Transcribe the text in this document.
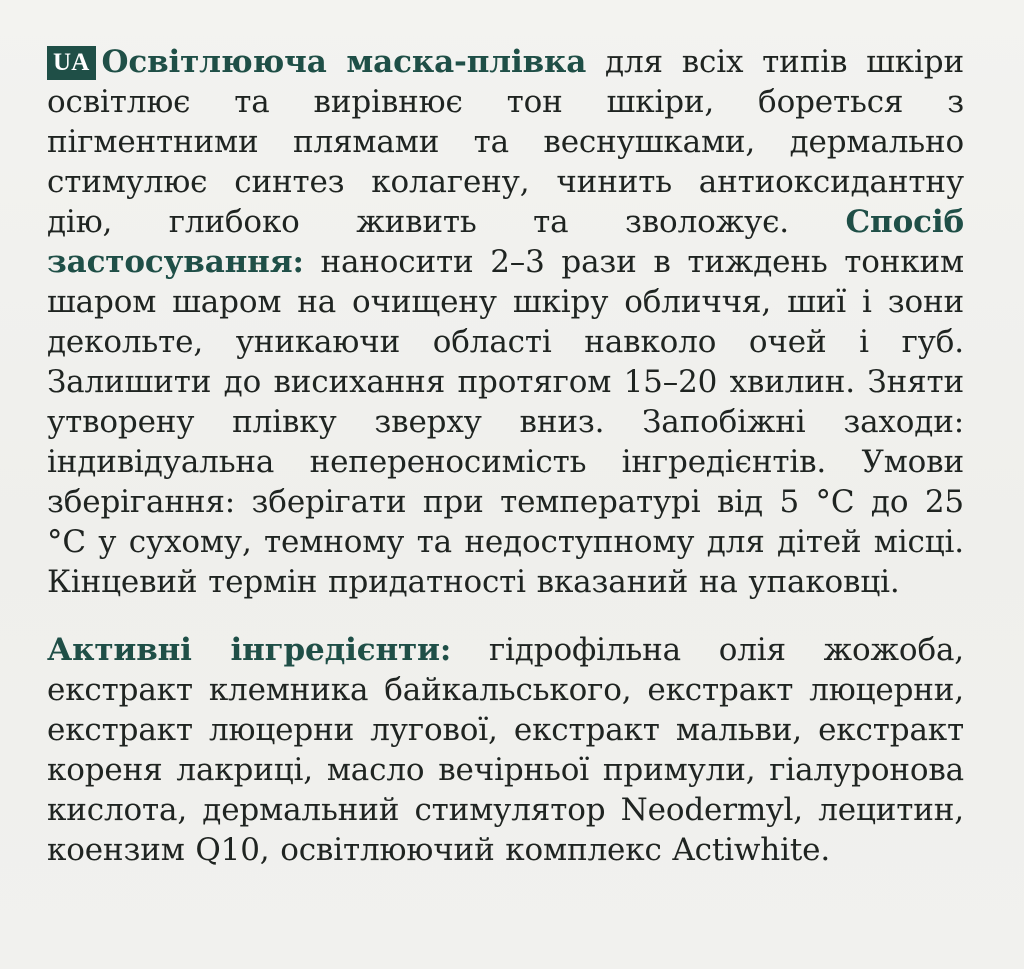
UA Освітлююча маска-плівка для всіх типів шкіри освітлює та вирівнює тон шкіри, бореться з пігментними плямами та веснушками, дермально стимулює синтез колагену, чинить антиоксидантну дію, глибоко живить та зволожує. Спосіб застосування: наносити 2–3 рази в тиждень тонким шаром шаром на очищену шкіру обличчя, шиї і зони декольте, уникаючи області навколо очей і губ. Залишити до висихання протягом 15–20 хвилин. Зняти утворену плівку зверху вниз. Запобіжні заходи: індивідуальна непереносимість інгредієнтів. Умови зберігання: зберігати при температурі від 5 °С до 25 °С у сухому, темному та недоступному для дітей місці. Кінцевий термін придатності вказаний на упаковці.

Активні інгредієнти: гідрофільна олія жожоба, екстракт клемника байкальського, екстракт люцерни, екстракт люцерни лугової, екстракт мальви, екстракт кореня лакриці, масло вечірньої примули, гіалуронова кислота, дермальний стимулятор Neodermyl, лецитин, коензим Q10, освітлюючий комплекс Actiwhite.
